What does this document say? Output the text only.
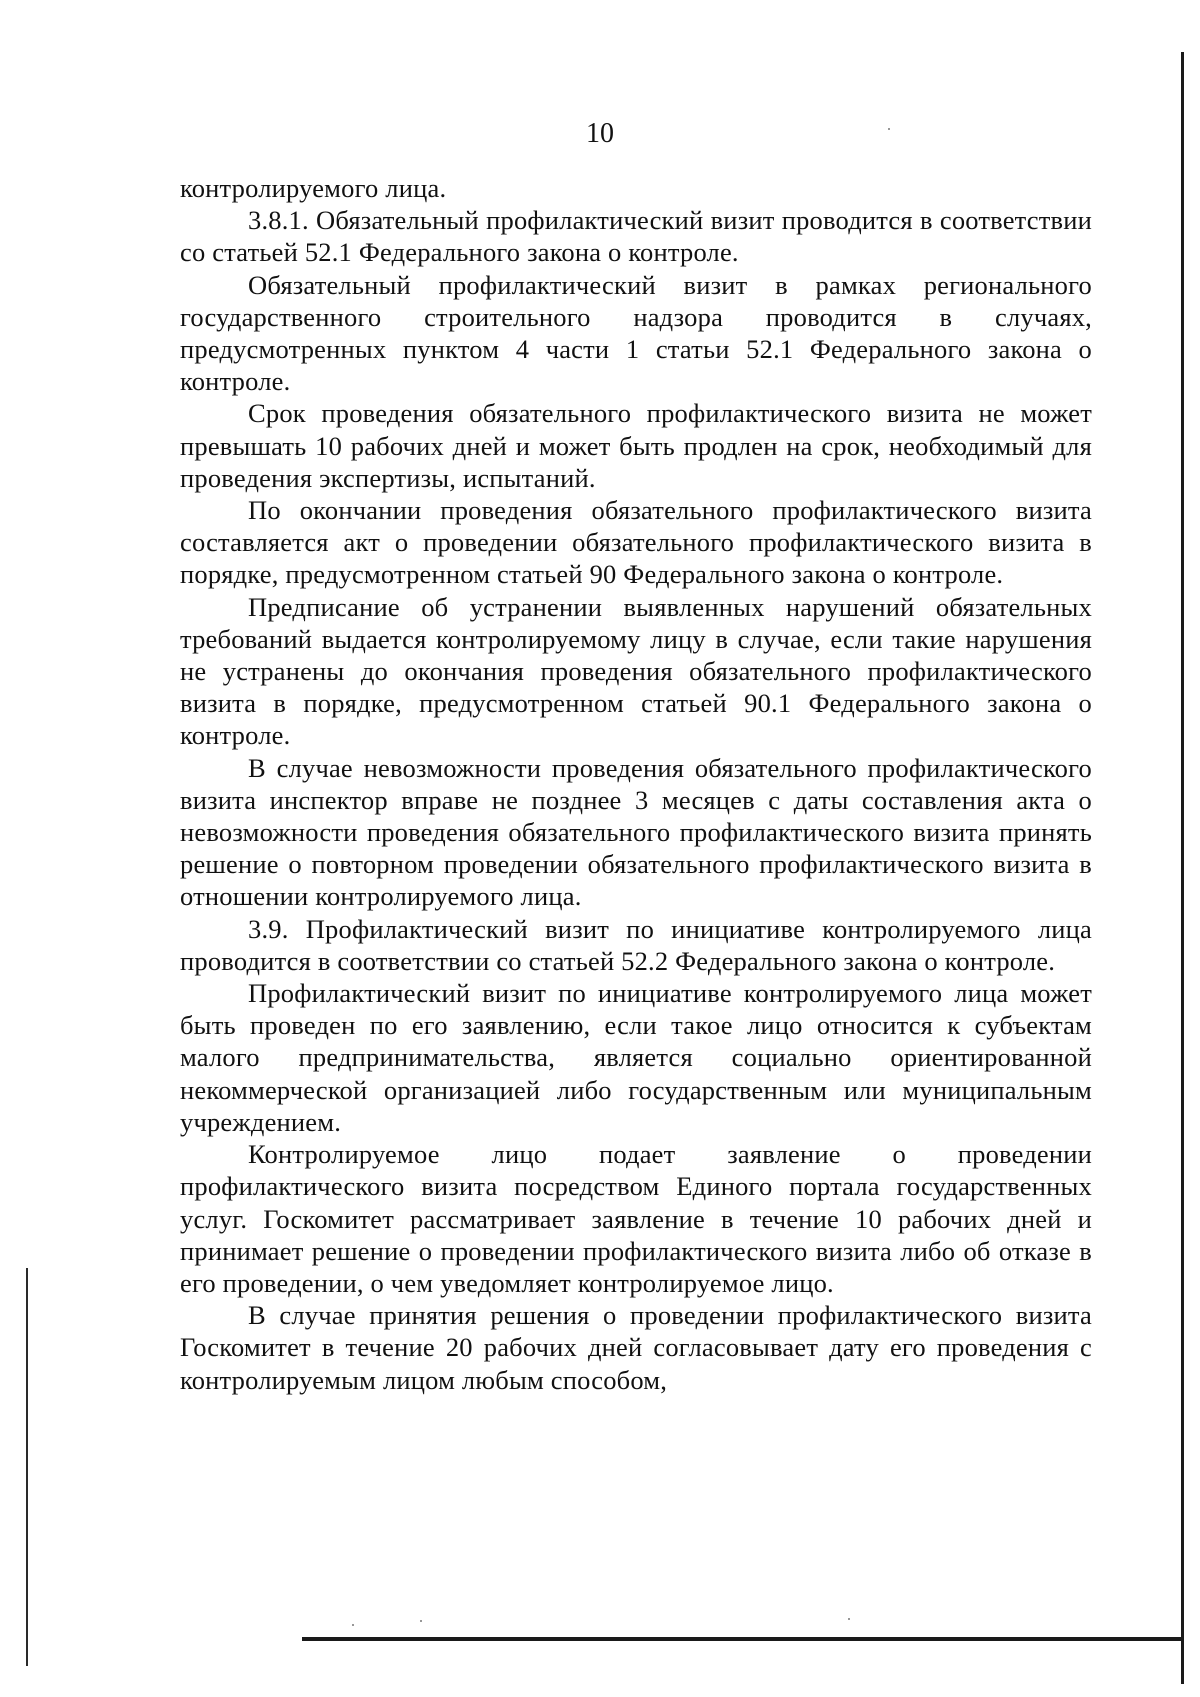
10

контролируемого лица.

3.8.1. Обязательный профилактический визит проводится в соответствии со статьей 52.1 Федерального закона о контроле.

Обязательный профилактический визит в рамках регионального государственного строительного надзора проводится в случаях, предусмотренных пунктом 4 части 1 статьи 52.1 Федерального закона о контроле.

Срок проведения обязательного профилактического визита не может превышать 10 рабочих дней и может быть продлен на срок, необходимый для проведения экспертизы, испытаний.

По окончании проведения обязательного профилактического визита составляется акт о проведении обязательного профилактического визита в порядке, предусмотренном статьей 90 Федерального закона о контроле.

Предписание об устранении выявленных нарушений обязательных требований выдается контролируемому лицу в случае, если такие нарушения не устранены до окончания проведения обязательного профилактического визита в порядке, предусмотренном статьей 90.1 Федерального закона о контроле.

В случае невозможности проведения обязательного профилактического визита инспектор вправе не позднее 3 месяцев с даты составления акта о невозможности проведения обязательного профилактического визита принять решение о повторном проведении обязательного профилактического визита в отношении контролируемого лица.

3.9. Профилактический визит по инициативе контролируемого лица проводится в соответствии со статьей 52.2 Федерального закона о контроле.

Профилактический визит по инициативе контролируемого лица может быть проведен по его заявлению, если такое лицо относится к субъектам малого предпринимательства, является социально ориентированной некоммерческой организацией либо государственным или муниципальным учреждением.

Контролируемое лицо подает заявление о проведении профилактического визита посредством Единого портала государственных услуг. Госкомитет рассматривает заявление в течение 10 рабочих дней и принимает решение о проведении профилактического визита либо об отказе в его проведении, о чем уведомляет контролируемое лицо.

В случае принятия решения о проведении профилактического визита Госкомитет в течение 20 рабочих дней согласовывает дату его проведения с контролируемым лицом любым способом,
